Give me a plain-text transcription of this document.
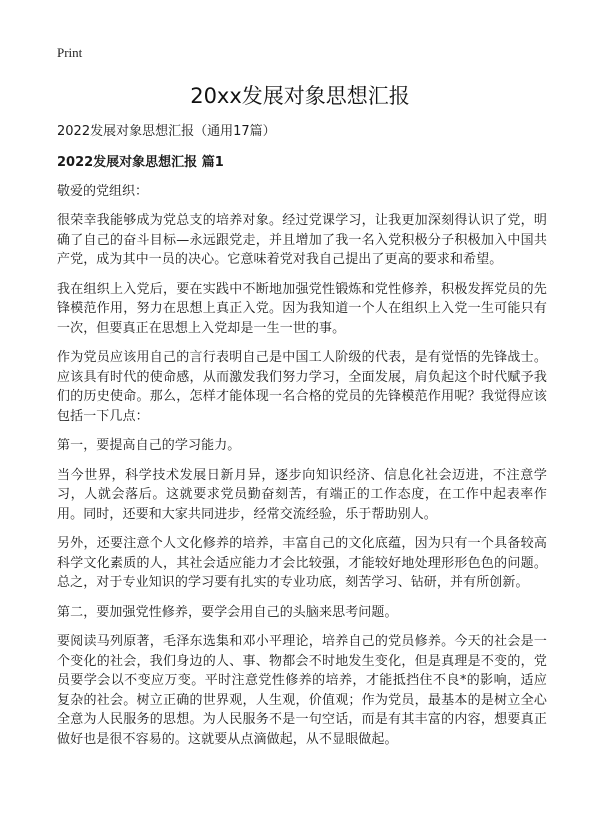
Print
20xx发展对象思想汇报

2022发展对象思想汇报（通用17篇）

2022发展对象思想汇报 篇1

敬爱的党组织：

很荣幸我能够成为党总支的培养对象。经过党课学习，让我更加深刻得认识了党，明确了自己的奋斗目标—永远跟党走，并且增加了我一名入党积极分子积极加入中国共产党，成为其中一员的决心。它意味着党对我自己提出了更高的要求和希望。

我在组织上入党后，要在实践中不断地加强党性锻炼和党性修养，积极发挥党员的先锋模范作用，努力在思想上真正入党。因为我知道一个人在组织上入党一生可能只有一次，但要真正在思想上入党却是一生一世的事。

作为党员应该用自己的言行表明自己是中国工人阶级的代表，是有觉悟的先锋战士。应该具有时代的使命感，从而激发我们努力学习，全面发展，肩负起这个时代赋予我们的历史使命。那么，怎样才能体现一名合格的党员的先锋模范作用呢？我觉得应该包括一下几点：

第一，要提高自己的学习能力。

当今世界，科学技术发展日新月异，逐步向知识经济、信息化社会迈进，不注意学习，人就会落后。这就要求党员勤奋刻苦，有端正的工作态度，在工作中起表率作用。同时，还要和大家共同进步，经常交流经验，乐于帮助别人。

另外，还要注意个人文化修养的培养，丰富自己的文化底蕴，因为只有一个具备较高科学文化素质的人，其社会适应能力才会比较强，才能较好地处理形形色色的问题。总之，对于专业知识的学习要有扎实的专业功底，刻苦学习、钻研，并有所创新。

第二，要加强党性修养，要学会用自己的头脑来思考问题。

要阅读马列原著，毛泽东选集和邓小平理论，培养自己的党员修养。今天的社会是一个变化的社会，我们身边的人、事、物都会不时地发生变化，但是真理是不变的，党员要学会以不变应万变。平时注意党性修养的培养，才能抵挡住不良*的影响，适应复杂的社会。树立正确的世界观，人生观，价值观；作为党员，最基本的是树立全心全意为人民服务的思想。为人民服务不是一句空话，而是有其丰富的内容，想要真正做好也是很不容易的。这就要从点滴做起，从不显眼做起。
